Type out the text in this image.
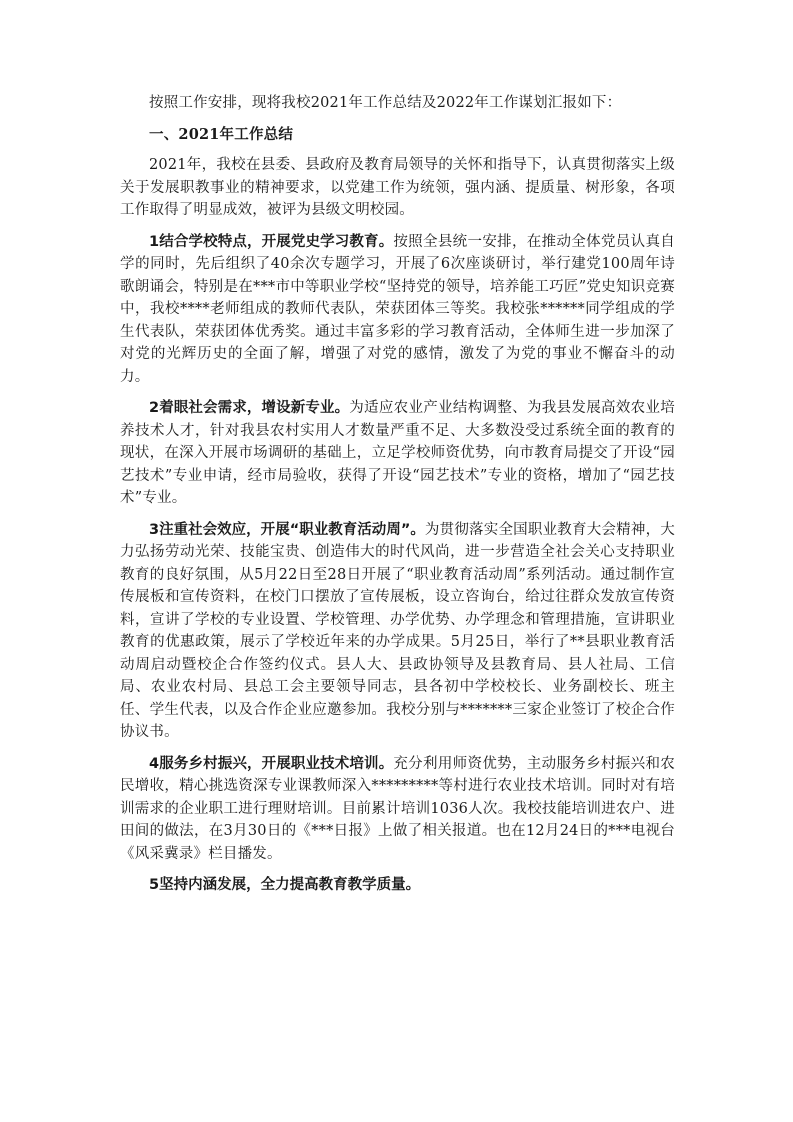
按照工作安排，现将我校2021年工作总结及2022年工作谋划汇报如下：

一、2021年工作总结

2021年，我校在县委、县政府及教育局领导的关怀和指导下，认真贯彻落实上级关于发展职教事业的精神要求，以党建工作为统领，强内涵、提质量、树形象，各项工作取得了明显成效，被评为县级文明校园。

1结合学校特点，开展党史学习教育。按照全县统一安排，在推动全体党员认真自学的同时，先后组织了40余次专题学习，开展了6次座谈研讨，举行建党100周年诗歌朗诵会，特别是在***市中等职业学校“坚持党的领导，培养能工巧匠”党史知识竞赛中，我校****老师组成的教师代表队，荣获团体三等奖。我校张******同学组成的学生代表队，荣获团体优秀奖。通过丰富多彩的学习教育活动，全体师生进一步加深了对党的光辉历史的全面了解，增强了对党的感情，激发了为党的事业不懈奋斗的动力。

2着眼社会需求，增设新专业。为适应农业产业结构调整、为我县发展高效农业培养技术人才，针对我县农村实用人才数量严重不足、大多数没受过系统全面的教育的现状，在深入开展市场调研的基础上，立足学校师资优势，向市教育局提交了开设“园艺技术”专业申请，经市局验收，获得了开设“园艺技术”专业的资格，增加了“园艺技术”专业。

3注重社会效应，开展“职业教育活动周”。为贯彻落实全国职业教育大会精神，大力弘扬劳动光荣、技能宝贵、创造伟大的时代风尚，进一步营造全社会关心支持职业教育的良好氛围，从5月22日至28日开展了“职业教育活动周”系列活动。通过制作宣传展板和宣传资料，在校门口摆放了宣传展板，设立咨询台，给过往群众发放宣传资料，宣讲了学校的专业设置、学校管理、办学优势、办学理念和管理措施，宣讲职业教育的优惠政策，展示了学校近年来的办学成果。5月25日，举行了**县职业教育活动周启动暨校企合作签约仪式。县人大、县政协领导及县教育局、县人社局、工信局、农业农村局、县总工会主要领导同志，县各初中学校校长、业务副校长、班主任、学生代表，以及合作企业应邀参加。我校分别与*******三家企业签订了校企合作协议书。

4服务乡村振兴，开展职业技术培训。充分利用师资优势，主动服务乡村振兴和农民增收，精心挑选资深专业课教师深入*********等村进行农业技术培训。同时对有培训需求的企业职工进行理财培训。目前累计培训1036人次。我校技能培训进农户、进田间的做法，在3月30日的《***日报》上做了相关报道。也在12月24日的***电视台《风采冀录》栏目播发。

5坚持内涵发展，全力提高教育教学质量。
